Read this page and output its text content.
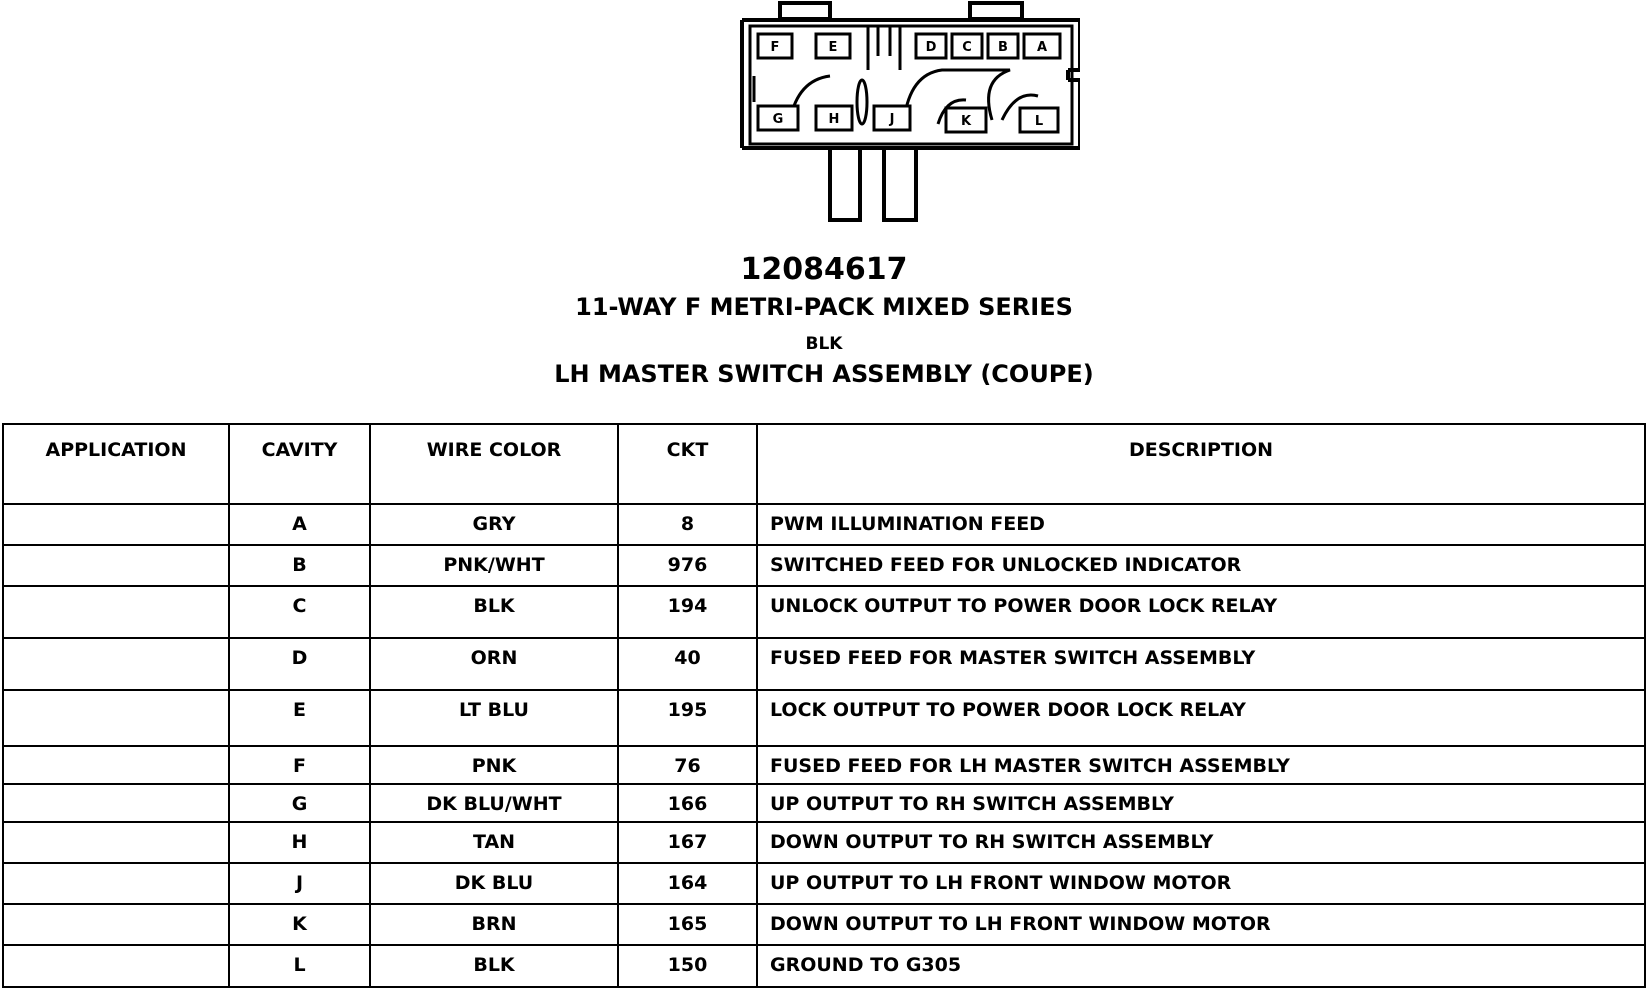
F	E	D C B A
G	H	J	K	L
12084617
11-WAY F METRI-PACK MIXED SERIES
BLK
LH MASTER SWITCH ASSEMBLY (COUPE)
APPLICATION	CAVITY	WIRE COLOR	CKT	DESCRIPTION
	A	GRY	8	PWM ILLUMINATION FEED
	B	PNK/WHT	976	SWITCHED FEED FOR UNLOCKED INDICATOR
	C	BLK	194	UNLOCK OUTPUT TO POWER DOOR LOCK RELAY
	D	ORN	40	FUSED FEED FOR MASTER SWITCH ASSEMBLY
	E	LT BLU	195	LOCK OUTPUT TO POWER DOOR LOCK RELAY
	F	PNK	76	FUSED FEED FOR LH MASTER SWITCH ASSEMBLY
	G	DK BLU/WHT	166	UP OUTPUT TO RH SWITCH ASSEMBLY
	H	TAN	167	DOWN OUTPUT TO RH SWITCH ASSEMBLY
	J	DK BLU	164	UP OUTPUT TO LH FRONT WINDOW MOTOR
	K	BRN	165	DOWN OUTPUT TO LH FRONT WINDOW MOTOR
	L	BLK	150	GROUND TO G305
